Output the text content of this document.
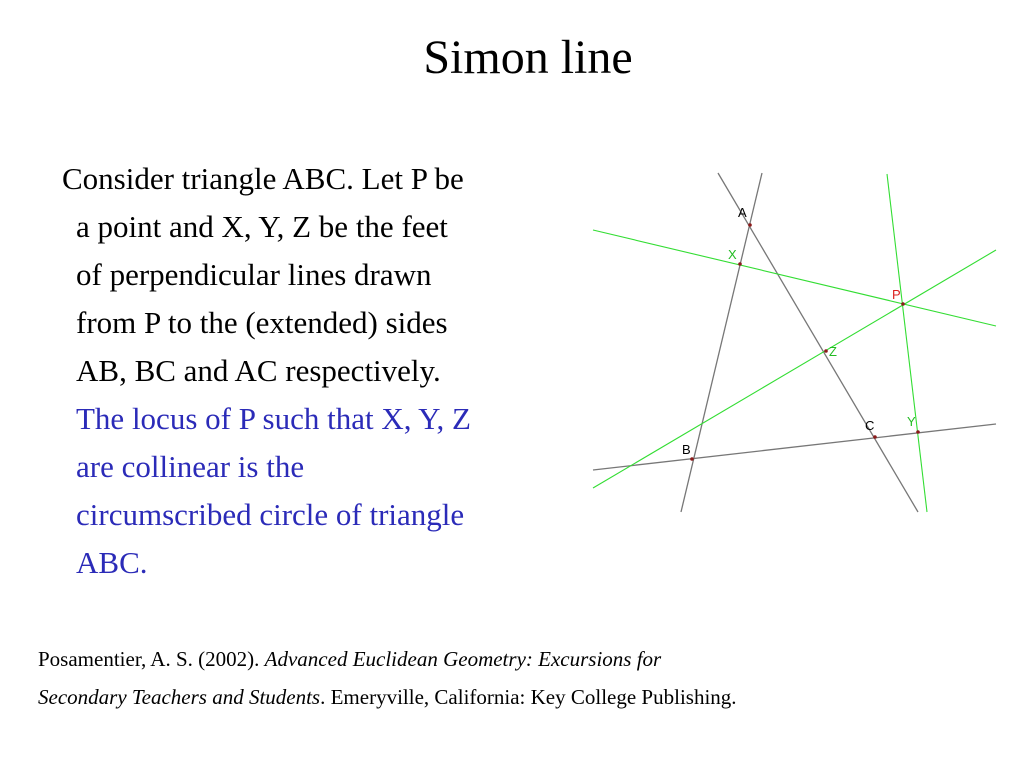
Simon line
Consider triangle ABC. Let P be
a point and X, Y, Z be the feet
of perpendicular lines drawn
from P to the (extended) sides
AB, BC and AC respectively.
The locus of P such that X, Y, Z
are collinear is the
circumscribed circle of triangle
ABC.
A
X
P
Z
C	Y
B
Posamentier, A. S. (2002). Advanced Euclidean Geometry: Excursions for
Secondary Teachers and Students. Emeryville, California: Key College Publishing.
